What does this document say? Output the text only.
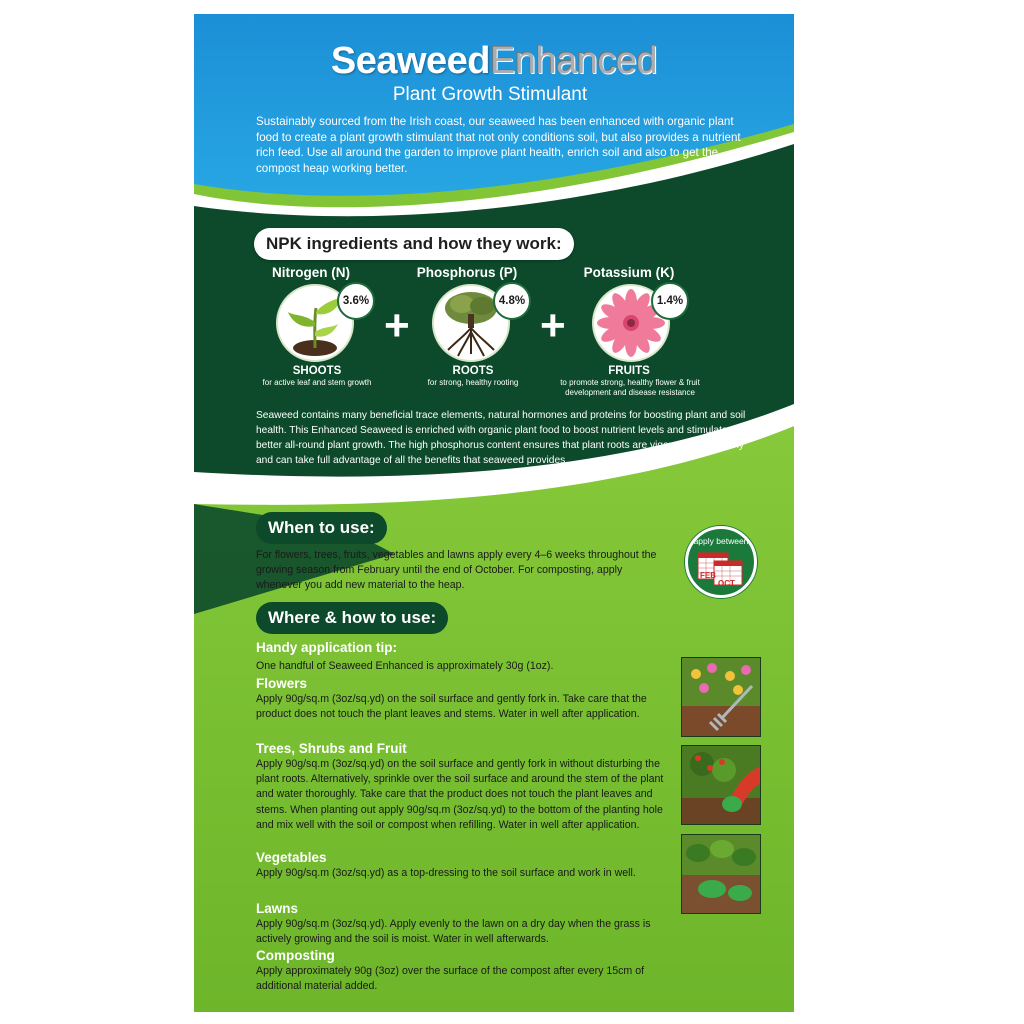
SeaweedEnhanced
Plant Growth Stimulant
Sustainably sourced from the Irish coast, our seaweed has been enhanced with organic plant food to create a plant growth stimulant that not only conditions soil, but also provides a nutrient rich feed. Use all around the garden to improve plant health, enrich soil and also to get the compost heap working better.
NPK ingredients and how they work:
Nitrogen (N)
3.6% +
Phosphorus (P)
4.8% +
Potassium (K)
1.4%
SHOOTS
for active leaf and stem growth
ROOTS
for strong, healthy rooting
FRUITS
to promote strong, healthy flower & fruit development and disease resistance
Seaweed contains many beneficial trace elements, natural hormones and proteins for boosting plant and soil health. This Enhanced Seaweed is enriched with organic plant food to boost nutrient levels and stimulate better all-round plant growth. The high phosphorus content ensures that plant roots are vigorous and healthy and can take full advantage of all the benefits that seaweed provides.
When to use:
For flowers, trees, fruits, vegetables and lawns apply every 4–6 weeks throughout the growing season from February until the end of October. For composting, apply whenever you add new material to the heap.
apply between
FEB
OCT
Where & how to use:
Handy application tip:
One handful of Seaweed Enhanced is approximately 30g (1oz).
Flowers
Apply 90g/sq.m (3oz/sq.yd) on the soil surface and gently fork in. Take care that the product does not touch the plant leaves and stems. Water in well after application.
Trees, Shrubs and Fruit
Apply 90g/sq.m (3oz/sq.yd) on the soil surface and gently fork in without disturbing the plant roots. Alternatively, sprinkle over the soil surface and around the stem of the plant and water thoroughly. Take care that the product does not touch the plant leaves and stems. When planting out apply 90g/sq.m (3oz/sq.yd) to the bottom of the planting hole and mix well with the soil or compost when refilling. Water in well after application.
Vegetables
Apply 90g/sq.m (3oz/sq.yd) as a top-dressing to the soil surface and work in well.
Lawns
Apply 90g/sq.m (3oz/sq.yd). Apply evenly to the lawn on a dry day when the grass is actively growing and the soil is moist. Water in well afterwards.
Composting
Apply approximately 90g (3oz) over the surface of the compost after every 15cm of additional material added.
